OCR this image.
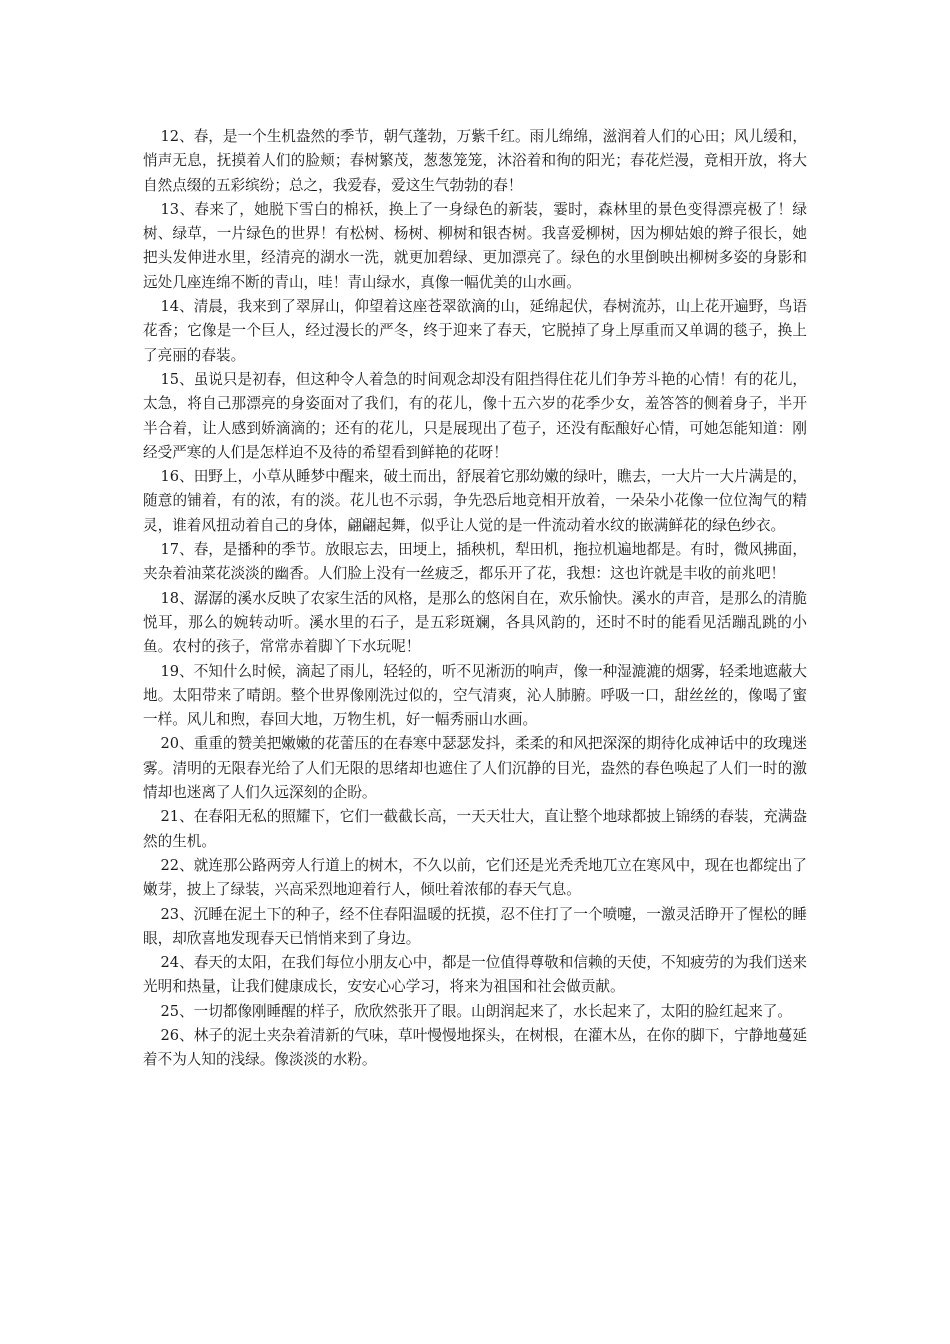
12、春，是一个生机盎然的季节，朝气蓬勃，万紫千红。雨儿绵绵，滋润着人们的心田；风儿缓和，悄声无息，抚摸着人们的脸颊；春树繁茂，葱葱笼笼，沐浴着和徇的阳光；春花烂漫，竟相开放，将大自然点缀的五彩缤纷；总之，我爱春，爱这生气勃勃的春！

13、春来了，她脱下雪白的棉袄，换上了一身绿色的新装，霎时，森林里的景色变得漂亮极了！绿树、绿草，一片绿色的世界！有松树、杨树、柳树和银杏树。我喜爱柳树，因为柳姑娘的辫子很长，她把头发伸进水里，经清亮的湖水一洗，就更加碧绿、更加漂亮了。绿色的水里倒映出柳树多姿的身影和远处几座连绵不断的青山，哇！青山绿水，真像一幅优美的山水画。

14、清晨，我来到了翠屏山，仰望着这座苍翠欲滴的山，延绵起伏，春树流苏，山上花开遍野，鸟语花香；它像是一个巨人，经过漫长的严冬，终于迎来了春天，它脱掉了身上厚重而又单调的毯子，换上了亮丽的春装。

15、虽说只是初春，但这种令人着急的时间观念却没有阻挡得住花儿们争芳斗艳的心情！有的花儿，太急，将自己那漂亮的身姿面对了我们，有的花儿，像十五六岁的花季少女，羞答答的侧着身子，半开半合着，让人感到娇滴滴的；还有的花儿，只是展现出了苞子，还没有酝酿好心情，可她怎能知道：刚经受严寒的人们是怎样迫不及待的希望看到鲜艳的花呀！

16、田野上，小草从睡梦中醒来，破土而出，舒展着它那幼嫩的绿叶，瞧去，一大片一大片满是的，随意的铺着，有的浓，有的淡。花儿也不示弱，争先恐后地竞相开放着，一朵朵小花像一位位淘气的精灵，谁着风扭动着自己的身体，翩翩起舞，似乎让人觉的是一件流动着水纹的嵌满鲜花的绿色纱衣。

17、春，是播种的季节。放眼忘去，田埂上，插秧机，犁田机，拖拉机遍地都是。有时，微风拂面，夹杂着油菜花淡淡的幽香。人们脸上没有一丝疲乏，都乐开了花，我想：这也许就是丰收的前兆吧！

18、潺潺的溪水反映了农家生活的风格，是那么的悠闲自在，欢乐愉快。溪水的声音，是那么的清脆悦耳，那么的婉转动听。溪水里的石子，是五彩斑斓，各具风韵的，还时不时的能看见活蹦乱跳的小鱼。农村的孩子，常常赤着脚丫下水玩呢！

19、不知什么时候，滴起了雨儿，轻轻的，听不见淅沥的响声，像一种湿漉漉的烟雾，轻柔地遮蔽大地。太阳带来了晴朗。整个世界像刚洗过似的，空气清爽，沁人肺腑。呼吸一口，甜丝丝的，像喝了蜜一样。风儿和煦，春回大地，万物生机，好一幅秀丽山水画。

20、重重的赞美把嫩嫩的花蕾压的在春寒中瑟瑟发抖，柔柔的和风把深深的期待化成神话中的玫瑰迷雾。清明的无限春光给了人们无限的思绪却也遮住了人们沉静的目光，盎然的春色唤起了人们一时的激情却也迷离了人们久远深刻的企盼。

21、在春阳无私的照耀下，它们一截截长高，一天天壮大，直让整个地球都披上锦绣的春装，充满盎然的生机。

22、就连那公路两旁人行道上的树木，不久以前，它们还是光秃秃地兀立在寒风中，现在也都绽出了嫩芽，披上了绿装，兴高采烈地迎着行人，倾吐着浓郁的春天气息。

23、沉睡在泥土下的种子，经不住春阳温暖的抚摸，忍不住打了一个喷嚏，一激灵活睁开了惺松的睡眼，却欣喜地发现春天已悄悄来到了身边。

24、春天的太阳，在我们每位小朋友心中，都是一位值得尊敬和信赖的天使，不知疲劳的为我们送来光明和热量，让我们健康成长，安安心心学习，将来为祖国和社会做贡献。

25、一切都像刚睡醒的样子，欣欣然张开了眼。山朗润起来了，水长起来了，太阳的脸红起来了。

26、林子的泥土夹杂着清新的气味，草叶慢慢地探头，在树根，在灌木丛，在你的脚下，宁静地蔓延着不为人知的浅绿。像淡淡的水粉。
